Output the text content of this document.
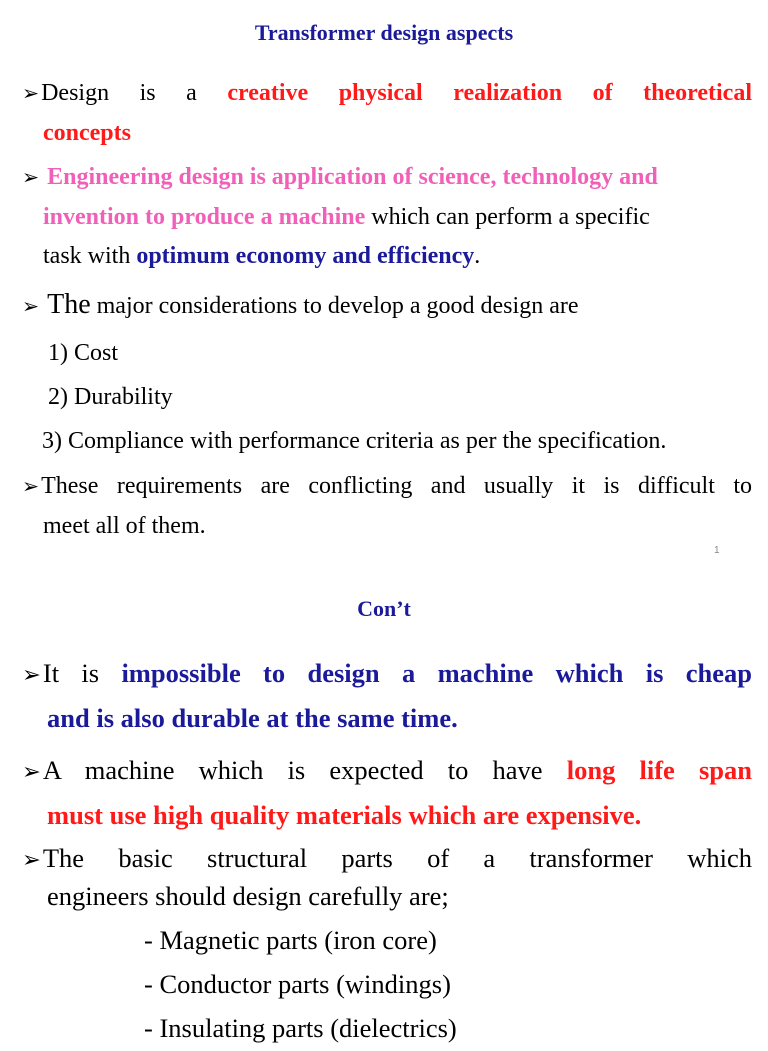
Transformer design aspects
➢Design is a creative physical realization of theoretical
concepts
➢ Engineering design is application of science, technology and
invention to produce a machine which can perform a specific
task with optimum economy and efficiency.
➢ The major considerations to develop a good design are
1) Cost
2) Durability
3) Compliance with performance criteria as per the specification.
➢These requirements are conflicting and usually it is difficult to
meet all of them.
1
Con’t
➢It is impossible to design a machine which is cheap
and is also durable at the same time.
➢A machine which is expected to have long life span
must use high quality materials which are expensive.
➢The basic structural parts of a transformer which
engineers should design carefully are;
- Magnetic parts (iron core)
- Conductor parts (windings)
- Insulating parts (dielectrics)
